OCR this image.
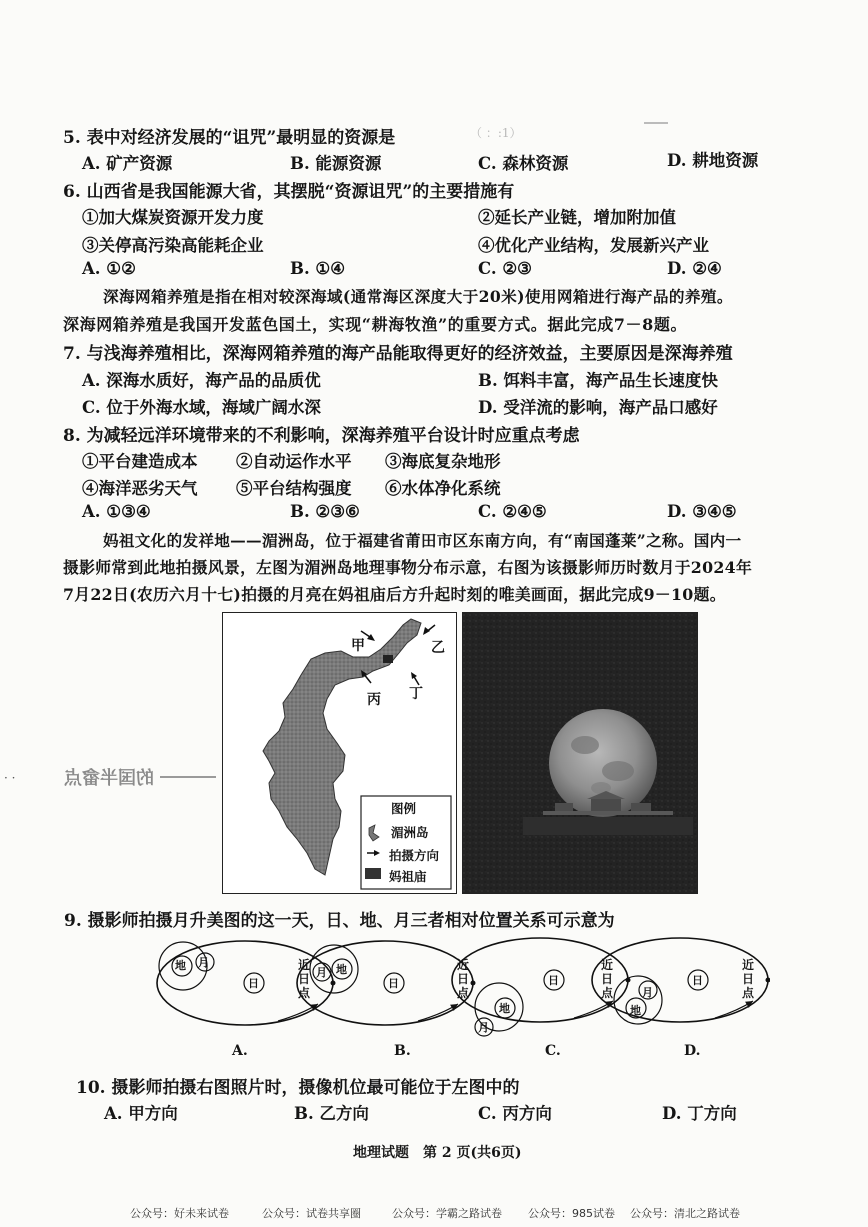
（ ：:1）
5. 表中对经济发展的“诅咒”最明显的资源是
A. 矿产资源	B. 能源资源	C. 森林资源	D. 耕地资源
6. 山西省是我国能源大省，其摆脱“资源诅咒”的主要措施有
①加大煤炭资源开发力度	②延长产业链，增加附加值
③关停高污染高能耗企业	④优化产业结构，发展新兴产业
A. ①②	B. ①④	C. ②③	D. ②④
深海网箱养殖是指在相对较深海域(通常海区深度大于20米)使用网箱进行海产品的养殖。
深海网箱养殖是我国开发蓝色国土，实现“耕海牧渔”的重要方式。据此完成7－8题。
7. 与浅海养殖相比，深海网箱养殖的海产品能取得更好的经济效益，主要原因是深海养殖
A. 深海水质好，海产品的品质优	B. 饵料丰富，海产品生长速度快
C. 位于外海水域，海域广阔水深	D. 受洋流的影响，海产品口感好
8. 为减轻远洋环境带来的不利影响，深海养殖平台设计时应重点考虑
①平台建造成本 ②自动运作水平 ③海底复杂地形
④海洋恶劣天气 ⑤平台结构强度 ⑥水体净化系统
A. ①③④	B. ②③⑥	C. ②④⑤	D. ③④⑤
妈祖文化的发祥地——湄洲岛，位于福建省莆田市区东南方向，有“南国蓬莱”之称。国内一
摄影师常到此地拍摄风景，左图为湄洲岛地理事物分布示意，右图为该摄影师历时数月于2024年
7月22日(农历六月十七)拍摄的月亮在妈祖庙后方升起时刻的唯美画面，据此完成9－10题。
· ·	的国半畲点
甲	乙
丙 丁
图例
湄洲岛
拍摄方向
妈祖庙
9. 摄影师拍摄月升美图的这一天，日、地、月三者相对位置关系可示意为
地 月
日
近
日
点
月 地
日
近
日
点
地
月
日
近
日
点	月
地
日
近
日
点
A.	B.	C.	D.
10. 摄影师拍摄右图照片时，摄像机位最可能位于左图中的
A. 甲方向	B. 乙方向	C. 丙方向	D. 丁方向
地理试题　第 2 页(共6页)
公众号：好未来试卷	公众号：试卷共享圈	公众号：学霸之路试卷 公众号：985试卷 公众号：清北之路试卷
